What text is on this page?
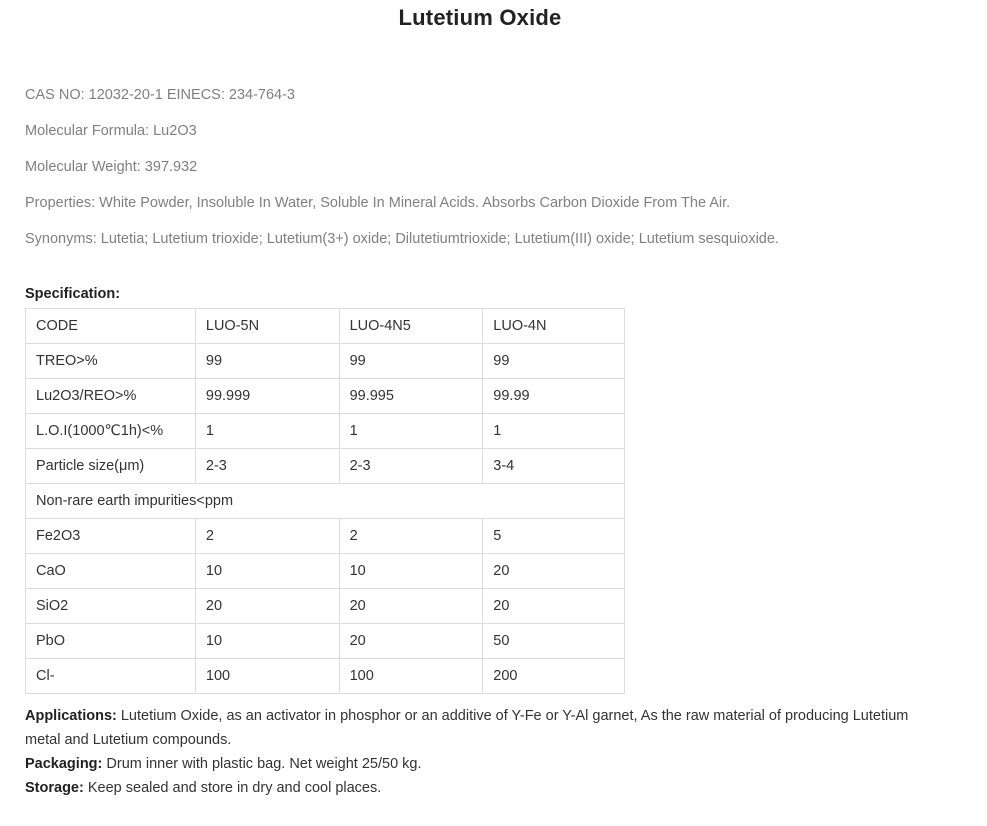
Lutetium Oxide

CAS NO: 12032-20-1 EINECS: 234-764-3

Molecular Formula: Lu2O3

Molecular Weight: 397.932

Properties: White Powder, Insoluble In Water, Soluble In Mineral Acids. Absorbs Carbon Dioxide From The Air.

Synonyms: Lutetia; Lutetium trioxide; Lutetium(3+) oxide; Dilutetiumtrioxide; Lutetium(III) oxide; Lutetium sesquioxide.

Specification:
CODE	LUO-5N	LUO-4N5	LUO-4N
TREO>%	99	99	99
Lu2O3/REO>%	99.999	99.995	99.99
L.O.I(1000℃1h)<%	1	1	1
Particle size(μm)	2-3	2-3	3-4
Non-rare earth impurities<ppm			
Fe2O3	2	2	5
CaO	10	10	20
SiO2	20	20	20
PbO	10	20	50
Cl-	100	100	200
Applications: Lutetium Oxide, as an activator in phosphor or an additive of Y-Fe or Y-Al garnet, As the raw material of producing Lutetium metal and Lutetium compounds.
Packaging: Drum inner with plastic bag. Net weight 25/50 kg.
Storage: Keep sealed and store in dry and cool places.
